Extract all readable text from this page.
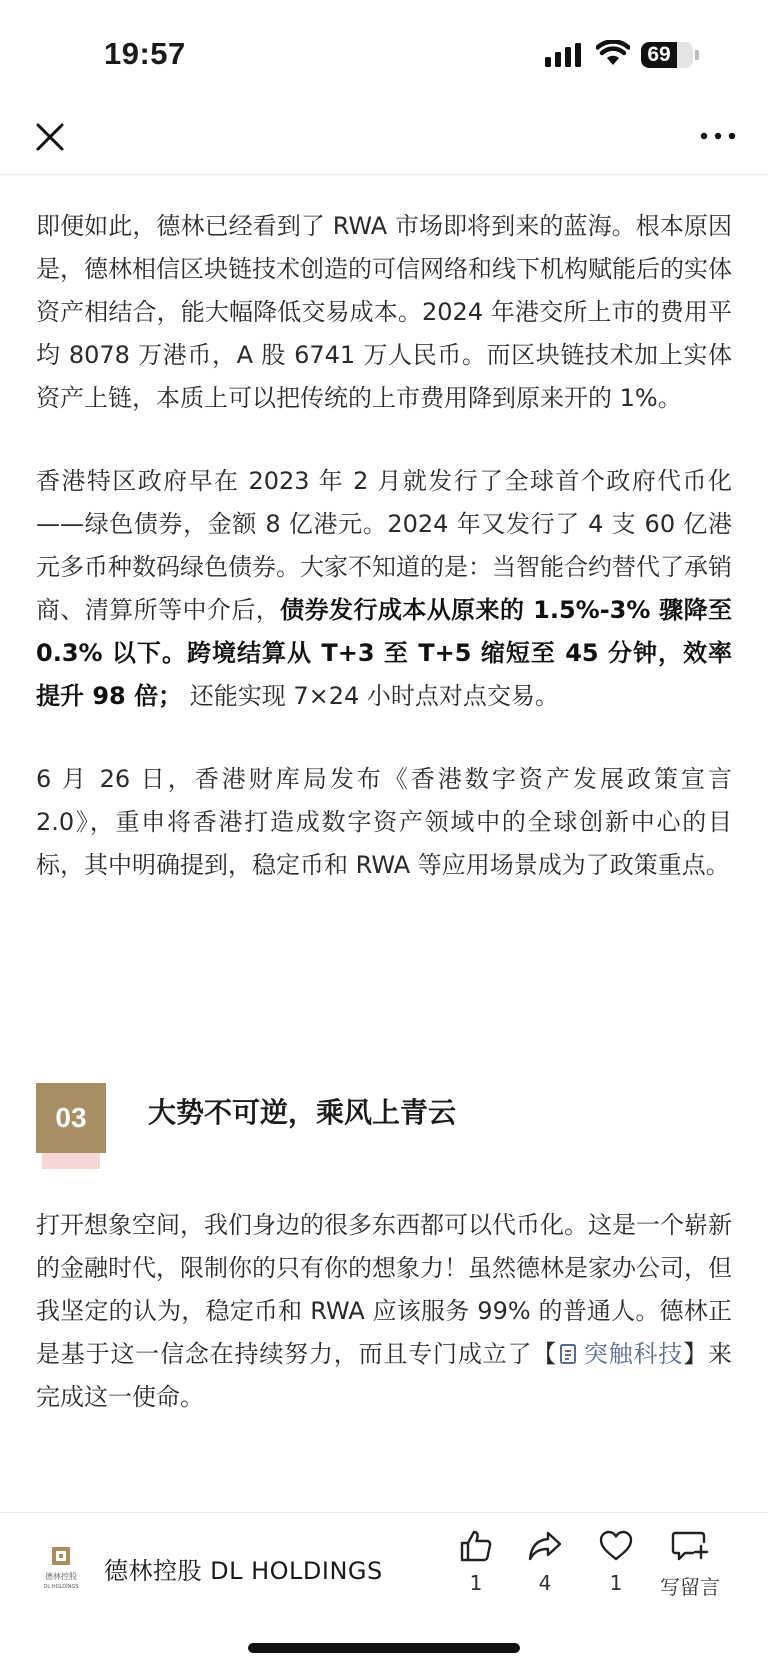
19:57	69

即便如此，德林已经看到了 RWA 市场即将到来的蓝海。根本原因是，德林相信区块链技术创造的可信网络和线下机构赋能后的实体资产相结合，能大幅降低交易成本。2024 年港交所上市的费用平均 8078 万港币，A 股 6741 万人民币。而区块链技术加上实体资产上链，本质上可以把传统的上市费用降到原来开的 1%。

香港特区政府早在 2023 年 2 月就发行了全球首个政府代币化——绿色债券，金额 8 亿港元。2024 年又发行了 4 支 60 亿港元多币种数码绿色债券。大家不知道的是：当智能合约替代了承销商、清算所等中介后，债券发行成本从原来的 1.5%-3% 骤降至 0.3% 以下。跨境结算从 T+3 至 T+5 缩短至 45 分钟，效率提升 98 倍； 还能实现 7×24 小时点对点交易。

6 月 26 日，香港财库局发布《香港数字资产发展政策宣言 2.0》，重申将香港打造成数字资产领域中的全球创新中心的目标，其中明确提到，稳定币和 RWA 等应用场景成为了政策重点。

03	大势不可逆，乘风上青云

打开想象空间，我们身边的很多东西都可以代币化。这是一个崭新的金融时代，限制你的只有你的想象力！虽然德林是家办公司，但我坚定的认为，稳定币和 RWA 应该服务 99% 的普通人。德林正是基于这一信念在持续努力，而且专门成立了【 突触科技】来完成这一使命。

德林控股
DL HOLDINGS
德林控股 DL HOLDINGS	1	4	1	写留言
